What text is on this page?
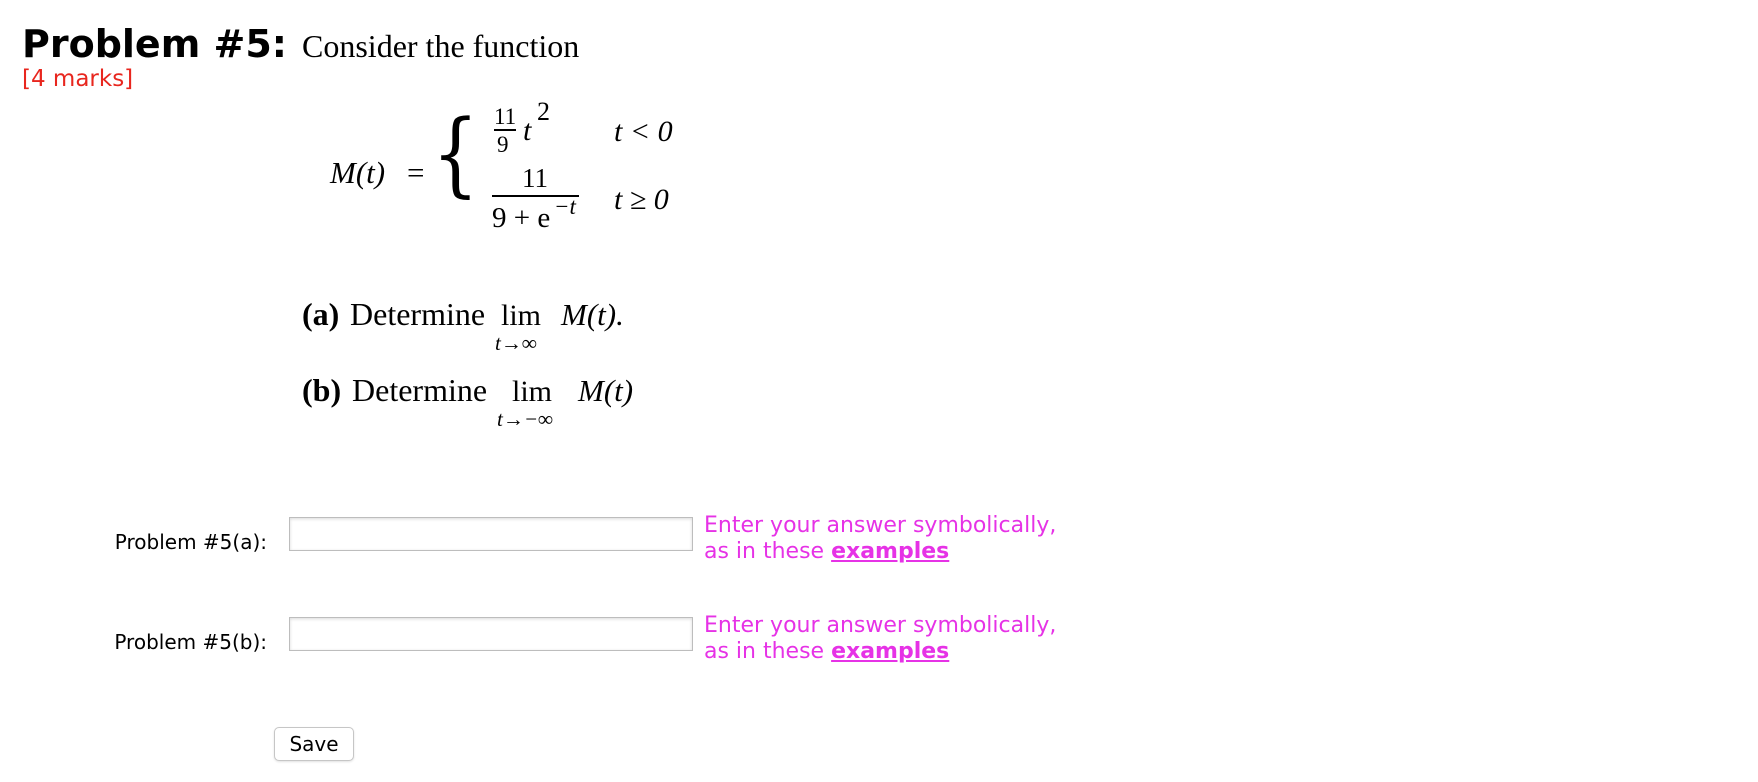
Problem #5:
[4 marks]
Consider the function
M(t) = { 11
9 t
2
t < 0
11
9 + e −t t ≥ 0
(a) Determine lim
t→∞
M(t).
(b) Determine lim
t→−∞
M(t)
Problem #5(a):
Enter your answer symbolically,
as in these examples
Problem #5(b):
Enter your answer symbolically,
as in these examples
Save
